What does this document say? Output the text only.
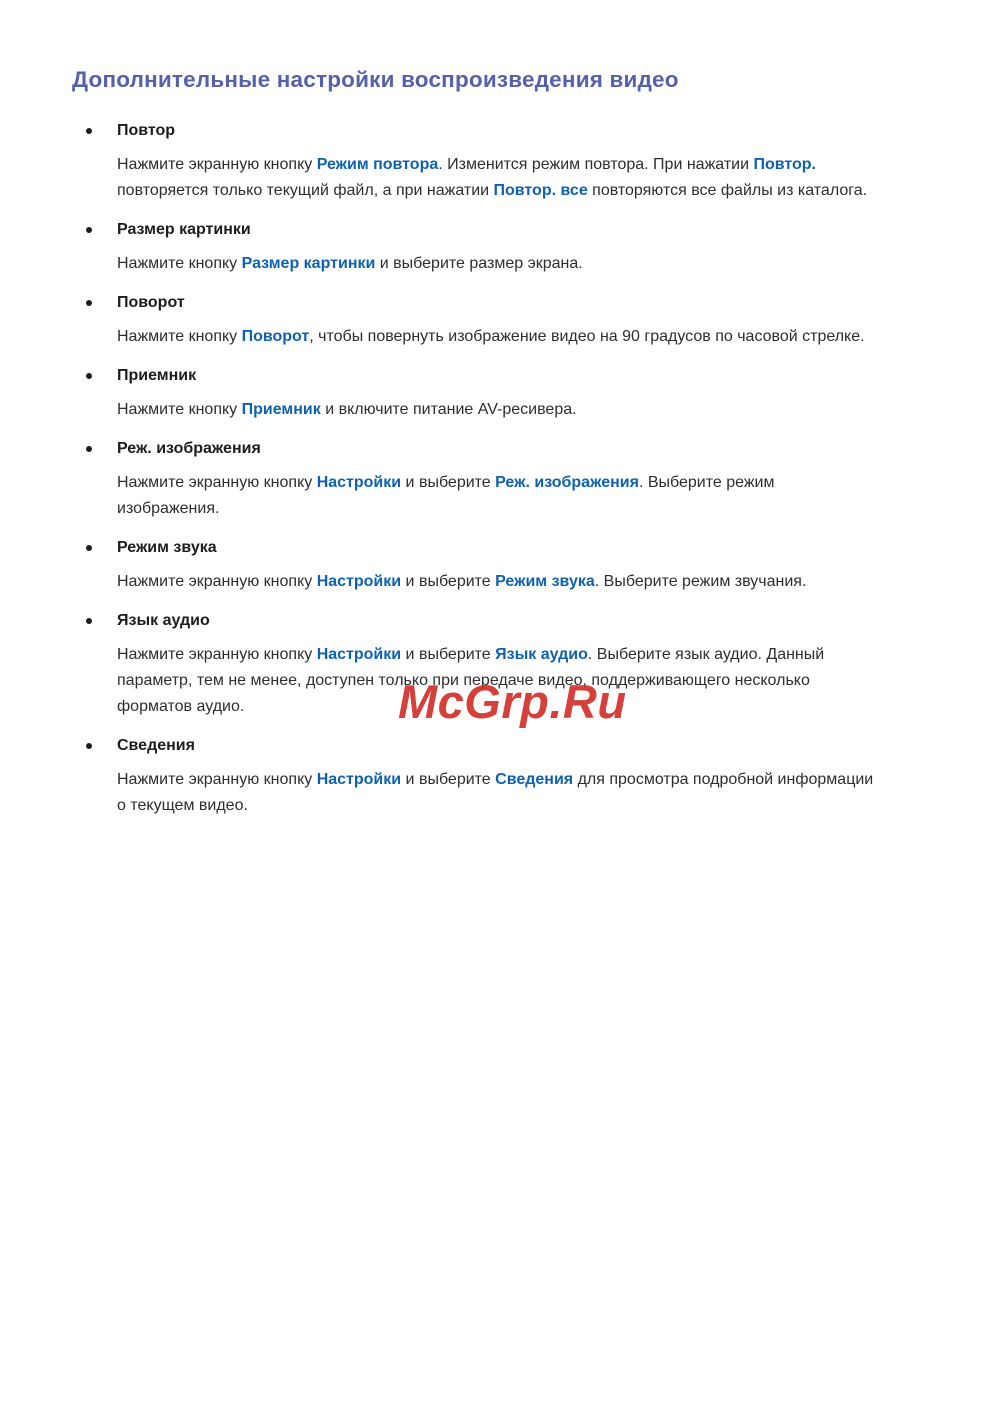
Дополнительные настройки воспроизведения видео
Повтор

Нажмите экранную кнопку Режим повтора. Изменится режим повтора. При нажатии Повтор. повторяется только текущий файл, а при нажатии Повтор. все повторяются все файлы из каталога.

Размер картинки

Нажмите кнопку Размер картинки и выберите размер экрана.

Поворот

Нажмите кнопку Поворот, чтобы повернуть изображение видео на 90 градусов по часовой стрелке.

Приемник

Нажмите кнопку Приемник и включите питание AV-ресивера.

Реж. изображения

Нажмите экранную кнопку Настройки и выберите Реж. изображения. Выберите режим изображения.

Режим звука

Нажмите экранную кнопку Настройки и выберите Режим звука. Выберите режим звучания.

Язык аудио

Нажмите экранную кнопку Настройки и выберите Язык аудио. Выберите язык аудио. Данный параметр, тем не менее, доступен только при передаче видео, поддерживающего несколько форматов аудио.

Сведения

Нажмите экранную кнопку Настройки и выберите Сведения для просмотра подробной информации о текущем видео.

McGrp.Ru
